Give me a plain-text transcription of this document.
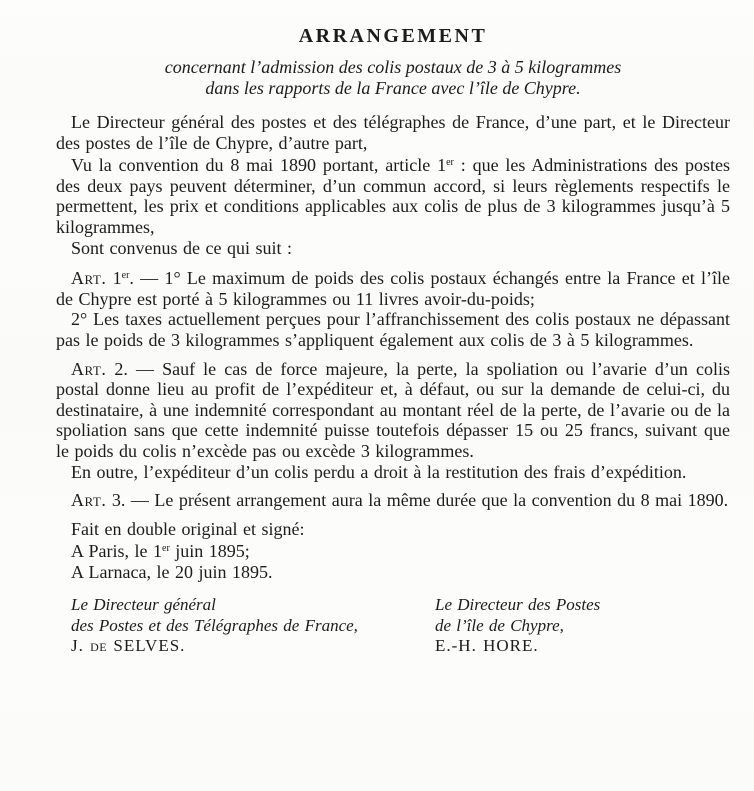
ARRANGEMENT
concernant l’admission des colis postaux de 3 à 5 kilogrammes
dans les rapports de la France avec l’île de Chypre.

Le Directeur général des postes et des télégraphes de France, d’une part, et le Directeur des postes de l’île de Chypre, d’autre part,

Vu la convention du 8 mai 1890 portant, article 1er : que les Administrations des postes des deux pays peuvent déterminer, d’un commun accord, si leurs règlements respectifs le permettent, les prix et conditions applicables aux colis de plus de 3 kilogrammes jusqu’à 5 kilogrammes,

Sont convenus de ce qui suit :

Art. 1er. — 1° Le maximum de poids des colis postaux échangés entre la France et l’île de Chypre est porté à 5 kilogrammes ou 11 livres avoir-du-poids;

2° Les taxes actuellement perçues pour l’affranchissement des colis postaux ne dépassant pas le poids de 3 kilogrammes s’appliquent également aux colis de 3 à 5 kilogrammes.

Art. 2. — Sauf le cas de force majeure, la perte, la spoliation ou l’avarie d’un colis postal donne lieu au profit de l’expéditeur et, à défaut, ou sur la demande de celui-ci, du destinataire, à une indemnité correspondant au montant réel de la perte, de l’avarie ou de la spoliation sans que cette indemnité puisse toutefois dépasser 15 ou 25 francs, suivant que le poids du colis n’excède pas ou excède 3 kilogrammes.

En outre, l’expéditeur d’un colis perdu a droit à la restitution des frais d’expédition.

Art. 3. — Le présent arrangement aura la même durée que la convention du 8 mai 1890.

Fait en double original et signé:

A Paris, le 1er juin 1895;

A Larnaca, le 20 juin 1895.

Le Directeur général

des Postes et des Télégraphes de France,

J. de SELVES.

Le Directeur des Postes

de l’île de Chypre,

E.-H. HORE.
